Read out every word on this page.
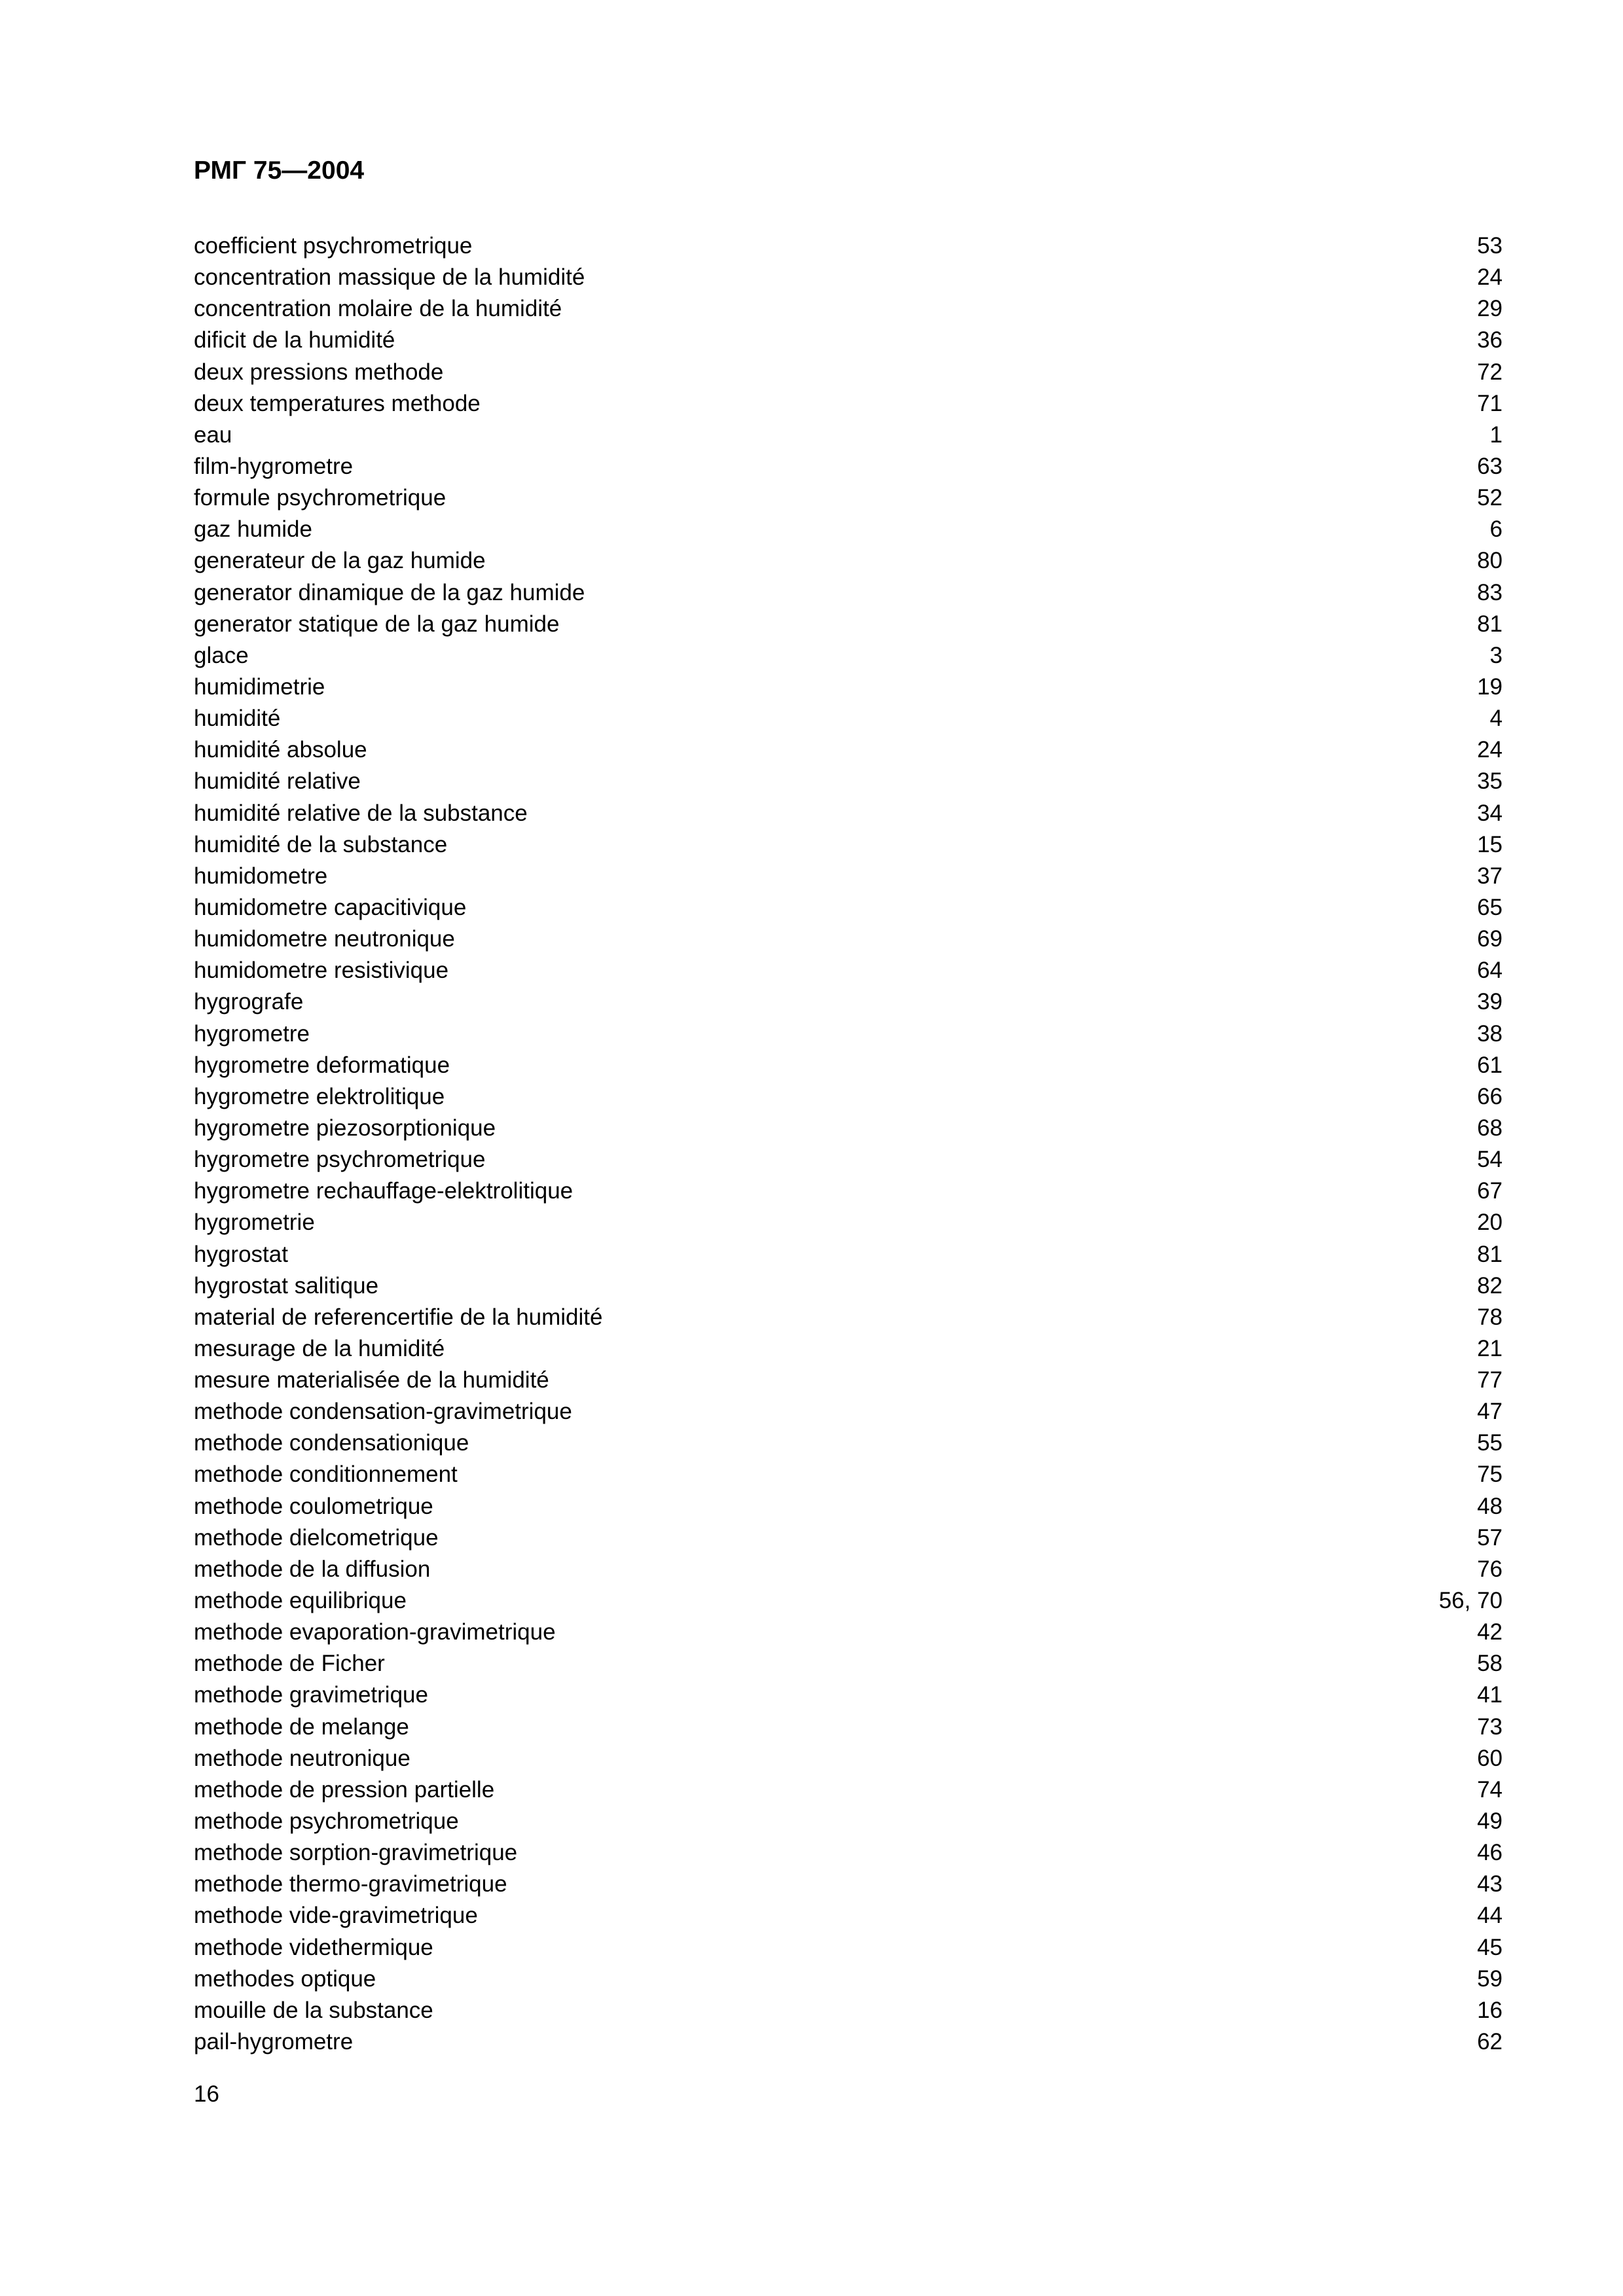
РМГ 75—2004
coefficient psychrometrique	53
concentration massique de la humidité	24
concentration molaire de la humidité	29
dificit de la humidité	36
deux pressions methode	72
deux temperatures methode	71
eau	1
film-hygrometre	63
formule psychrometrique	52
gaz humide	6
generateur de la gaz humide	80
generator dinamique de la gaz humide	83
generator statique de la gaz humide	81
glace	3
humidimetrie	19
humidité	4
humidité absolue	24
humidité relative	35
humidité relative de la substance	34
humidité de la substance	15
humidometre	37
humidometre capacitivique	65
humidometre neutronique	69
humidometre resistivique	64
hygrografe	39
hygrometre	38
hygrometre deformatique	61
hygrometre elektrolitique	66
hygrometre piezosorptionique	68
hygrometre psychrometrique	54
hygrometre rechauffage-elektrolitique	67
hygrometrie	20
hygrostat	81
hygrostat salitique	82
material de referencertifie de la humidité	78
mesurage de la humidité	21
mesure materialisée de la humidité	77
methode condensation-gravimetrique	47
methode condensationique	55
methode conditionnement	75
methode coulometrique	48
methode dielcometrique	57
methode de la diffusion	76
methode equilibrique	56, 70
methode evaporation-gravimetrique	42
methode de Ficher	58
methode gravimetrique	41
methode de melange	73
methode neutronique	60
methode de pression partielle	74
methode psychrometrique	49
methode sorption-gravimetrique	46
methode thermo-gravimetrique	43
methode vide-gravimetrique	44
methode videthermique	45
methodes optique	59
mouille de la substance	16
pail-hygrometre	62
16
